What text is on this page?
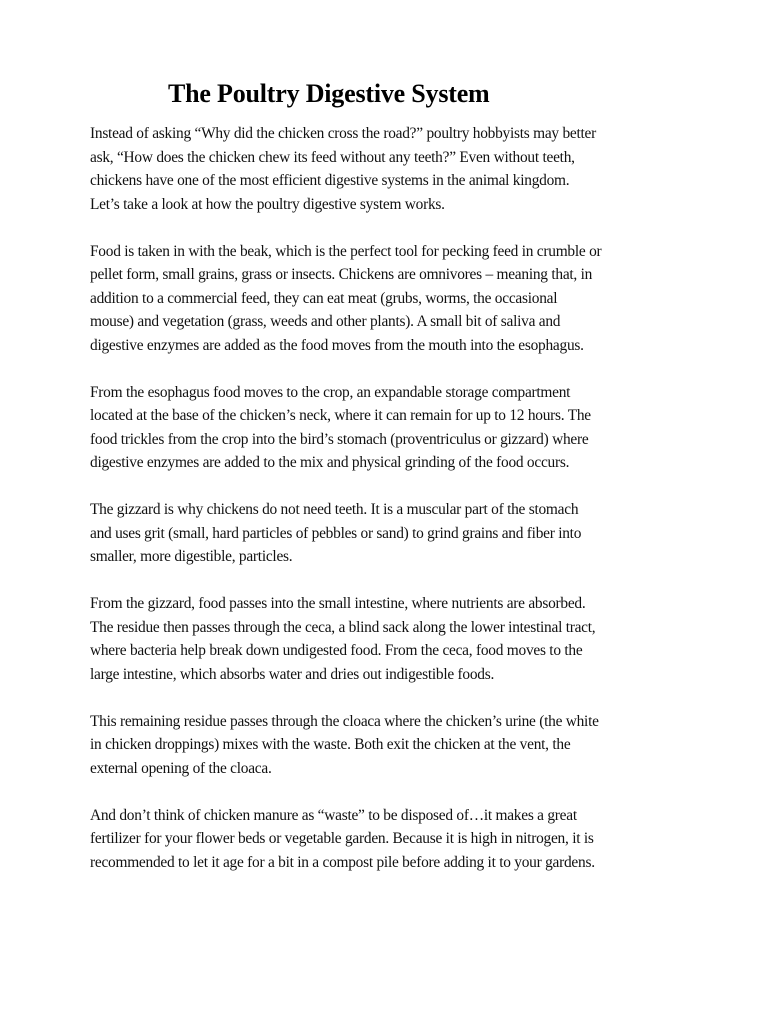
The Poultry Digestive System

Instead of asking “Why did the chicken cross the road?” poultry hobbyists may better
ask, “How does the chicken chew its feed without any teeth?” Even without teeth,
chickens have one of the most efficient digestive systems in the animal kingdom.
Let’s take a look at how the poultry digestive system works.

Food is taken in with the beak, which is the perfect tool for pecking feed in crumble or
pellet form, small grains, grass or insects. Chickens are omnivores – meaning that, in
addition to a commercial feed, they can eat meat (grubs, worms, the occasional
mouse) and vegetation (grass, weeds and other plants). A small bit of saliva and
digestive enzymes are added as the food moves from the mouth into the esophagus.

From the esophagus food moves to the crop, an expandable storage compartment
located at the base of the chicken’s neck, where it can remain for up to 12 hours. The
food trickles from the crop into the bird’s stomach (proventriculus or gizzard) where
digestive enzymes are added to the mix and physical grinding of the food occurs.

The gizzard is why chickens do not need teeth. It is a muscular part of the stomach
and uses grit (small, hard particles of pebbles or sand) to grind grains and fiber into
smaller, more digestible, particles.

From the gizzard, food passes into the small intestine, where nutrients are absorbed.
The residue then passes through the ceca, a blind sack along the lower intestinal tract,
where bacteria help break down undigested food. From the ceca, food moves to the
large intestine, which absorbs water and dries out indigestible foods.

This remaining residue passes through the cloaca where the chicken’s urine (the white
in chicken droppings) mixes with the waste. Both exit the chicken at the vent, the
external opening of the cloaca.

And don’t think of chicken manure as “waste” to be disposed of…it makes a great
fertilizer for your flower beds or vegetable garden. Because it is high in nitrogen, it is
recommended to let it age for a bit in a compost pile before adding it to your gardens.
